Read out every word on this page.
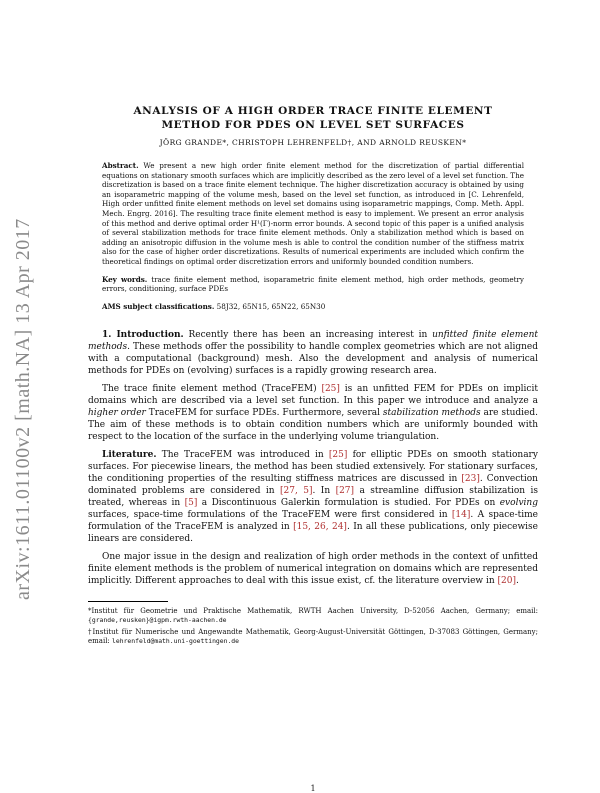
arXiv:1611.01100v2 [math.NA] 13 Apr 2017
ANALYSIS OF A HIGH ORDER TRACE FINITE ELEMENT
METHOD FOR PDES ON LEVEL SET SURFACES
JÖRG GRANDE*, CHRISTOPH LEHRENFELD†, AND ARNOLD REUSKEN*
Abstract. We present a new high order finite element method for the discretization of partial differential equations on stationary smooth surfaces which are implicitly described as the zero level of a level set function. The discretization is based on a trace finite element technique. The higher discretization accuracy is obtained by using an isoparametric mapping of the volume mesh, based on the level set function, as introduced in [C. Lehrenfeld, High order unfitted finite element methods on level set domains using isoparametric mappings, Comp. Meth. Appl. Mech. Engrg. 2016]. The resulting trace finite element method is easy to implement. We present an error analysis of this method and derive optimal order H¹(Γ)-norm error bounds. A second topic of this paper is a unified analysis of several stabilization methods for trace finite element methods. Only a stabilization method which is based on adding an anisotropic diffusion in the volume mesh is able to control the condition number of the stiffness matrix also for the case of higher order discretizations. Results of numerical experiments are included which confirm the theoretical findings on optimal order discretization errors and uniformly bounded condition numbers.
Key words. trace finite element method, isoparametric finite element method, high order methods, geometry errors, conditioning, surface PDEs
AMS subject classifications. 58J32, 65N15, 65N22, 65N30

1. Introduction. Recently there has been an increasing interest in unfitted finite element methods. These methods offer the possibility to handle complex geometries which are not aligned with a computational (background) mesh. Also the development and analysis of numerical methods for PDEs on (evolving) surfaces is a rapidly growing research area.

The trace finite element method (TraceFEM) [25] is an unfitted FEM for PDEs on implicit domains which are described via a level set function. In this paper we introduce and analyze a higher order TraceFEM for surface PDEs. Furthermore, several stabilization methods are studied. The aim of these methods is to obtain condition numbers which are uniformly bounded with respect to the location of the surface in the underlying volume triangulation.

Literature. The TraceFEM was introduced in [25] for elliptic PDEs on smooth stationary surfaces. For piecewise linears, the method has been studied extensively. For stationary surfaces, the conditioning properties of the resulting stiffness matrices are discussed in [23]. Convection dominated problems are considered in [27, 5]. In [27] a streamline diffusion stabilization is treated, whereas in [5] a Discontinuous Galerkin formulation is studied. For PDEs on evolving surfaces, space-time formulations of the TraceFEM were first considered in [14]. A space-time formulation of the TraceFEM is analyzed in [15, 26, 24]. In all these publications, only piecewise linears are considered.

One major issue in the design and realization of high order methods in the context of unfitted finite element methods is the problem of numerical integration on domains which are represented implicitly. Different approaches to deal with this issue exist, cf. the literature overview in [20].

*Institut für Geometrie und Praktische Mathematik, RWTH Aachen University, D-52056 Aachen, Germany; email: {grande,reusken}@igpm.rwth-aachen.de

†Institut für Numerische und Angewandte Mathematik, Georg-August-Universität Göttingen, D-37083 Göttingen, Germany; email: lehrenfeld@math.uni-goettingen.de

1
